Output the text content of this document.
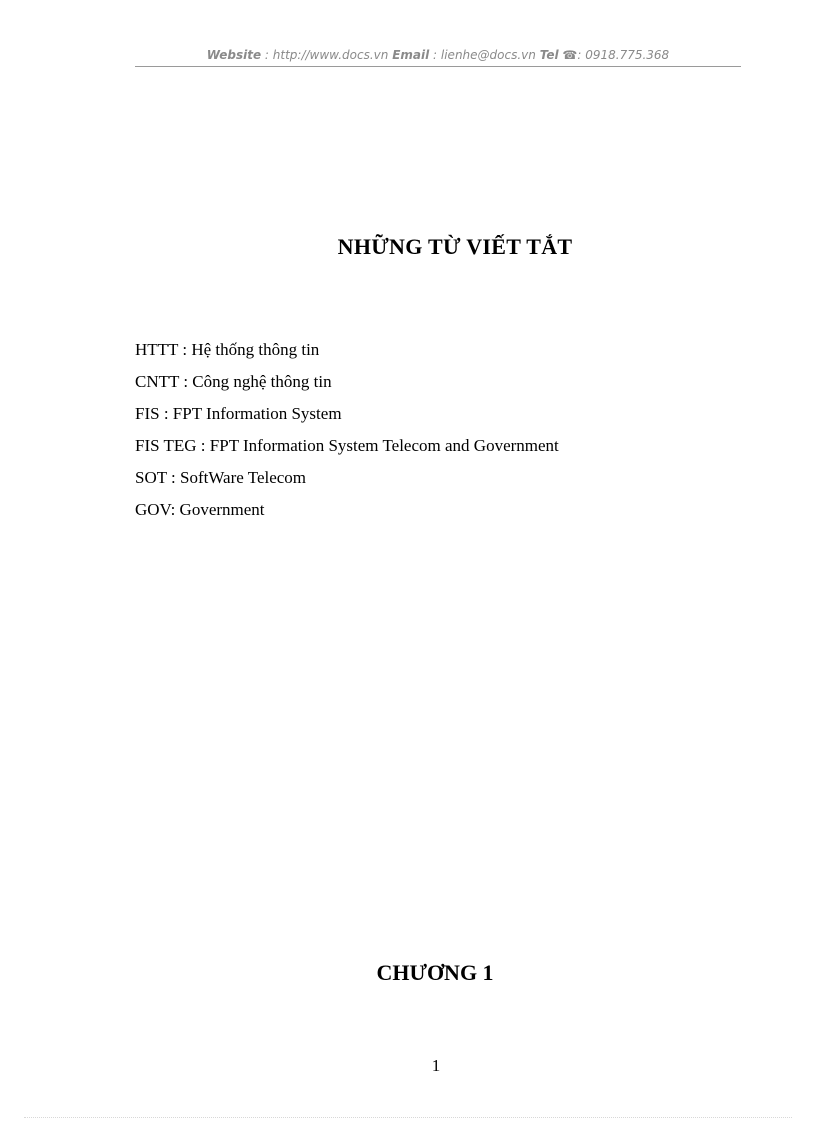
Website : http://www.docs.vn Email : lienhe@docs.vn Tel ☎: 0918.775.368
NHỮNG TỪ VIẾT TẮT
HTTT : Hệ thống thông tin
CNTT : Công nghệ thông tin
FIS : FPT Information System
FIS TEG : FPT Information System Telecom and Government
SOT : SoftWare Telecom
GOV: Government
CHƯƠNG 1
1
